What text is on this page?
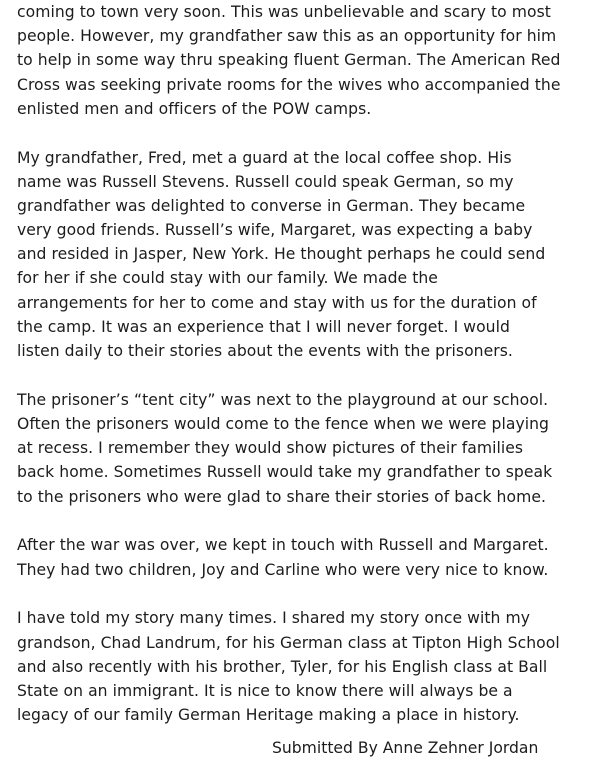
coming to town very soon. This was unbelievable and scary to most
people. However, my grandfather saw this as an opportunity for him
to help in some way thru speaking fluent German. The American Red
Cross was seeking private rooms for the wives who accompanied the
enlisted men and officers of the POW camps.
My grandfather, Fred, met a guard at the local coffee shop. His
name was Russell Stevens. Russell could speak German, so my
grandfather was delighted to converse in German. They became
very good friends. Russell’s wife, Margaret, was expecting a baby
and resided in Jasper, New York. He thought perhaps he could send
for her if she could stay with our family. We made the
arrangements for her to come and stay with us for the duration of
the camp. It was an experience that I will never forget. I would
listen daily to their stories about the events with the prisoners.
The prisoner’s “tent city” was next to the playground at our school.
Often the prisoners would come to the fence when we were playing
at recess. I remember they would show pictures of their families
back home. Sometimes Russell would take my grandfather to speak
to the prisoners who were glad to share their stories of back home.
After the war was over, we kept in touch with Russell and Margaret.
They had two children, Joy and Carline who were very nice to know.
I have told my story many times. I shared my story once with my
grandson, Chad Landrum, for his German class at Tipton High School
and also recently with his brother, Tyler, for his English class at Ball
State on an immigrant. It is nice to know there will always be a
legacy of our family German Heritage making a place in history.
Submitted By Anne Zehner Jordan
